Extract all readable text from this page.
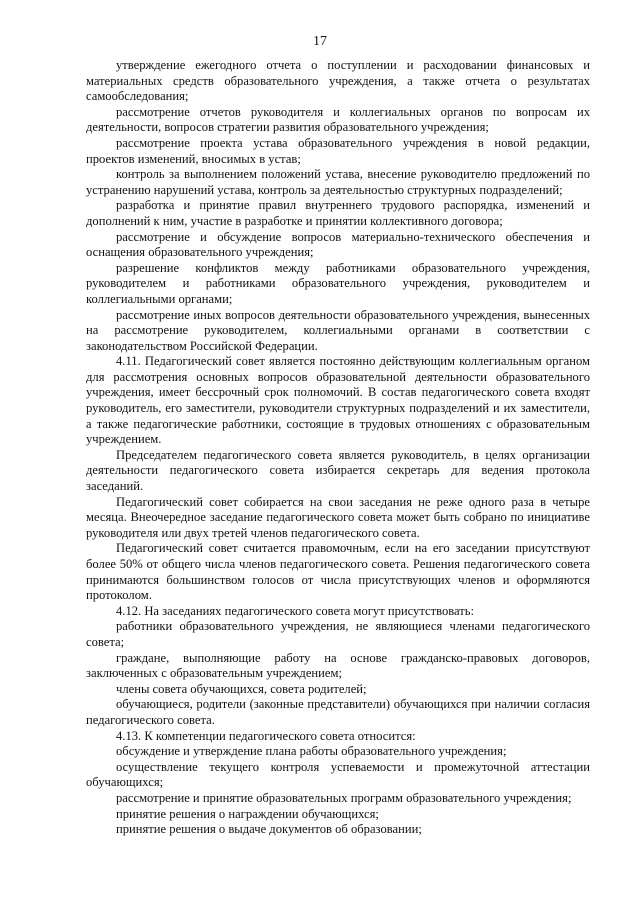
17

утверждение ежегодного отчета о поступлении и расходовании финансовых и материальных средств образовательного учреждения, а также отчета о результатах самообследования;

рассмотрение отчетов руководителя и коллегиальных органов по вопросам их деятельности, вопросов стратегии развития образовательного учреждения;

рассмотрение проекта устава образовательного учреждения в новой редакции, проектов изменений, вносимых в устав;

контроль за выполнением положений устава, внесение руководителю предложений по устранению нарушений устава, контроль за деятельностью структурных подразделений;

разработка и принятие правил внутреннего трудового распорядка, изменений и дополнений к ним, участие в разработке и принятии коллективного договора;

рассмотрение и обсуждение вопросов материально-технического обеспечения и оснащения образовательного учреждения;

разрешение конфликтов между работниками образовательного учреждения, руководителем и работниками образовательного учреждения, руководителем и коллегиальными органами;

рассмотрение иных вопросов деятельности образовательного учреждения, вынесенных на рассмотрение руководителем, коллегиальными органами в соответствии с законодательством Российской Федерации.

4.11. Педагогический совет является постоянно действующим коллегиальным органом для рассмотрения основных вопросов образовательной деятельности образовательного учреждения, имеет бессрочный срок полномочий. В состав педагогического совета входят руководитель, его заместители, руководители структурных подразделений и их заместители, а также педагогические работники, состоящие в трудовых отношениях с образовательным учреждением.

Председателем педагогического совета является руководитель, в целях организации деятельности педагогического совета избирается секретарь для ведения протокола заседаний.

Педагогический совет собирается на свои заседания не реже одного раза в четыре месяца. Внеочередное заседание педагогического совета может быть собрано по инициативе руководителя или двух третей членов педагогического совета.

Педагогический совет считается правомочным, если на его заседании присутствуют более 50% от общего числа членов педагогического совета. Решения педагогического совета принимаются большинством голосов от числа присутствующих членов и оформляются протоколом.

4.12. На заседаниях педагогического совета могут присутствовать:

работники образовательного учреждения, не являющиеся членами педагогического совета;

граждане, выполняющие работу на основе гражданско-правовых договоров, заключенных с образовательным учреждением;

члены совета обучающихся, совета родителей;

обучающиеся, родители (законные представители) обучающихся при наличии согласия педагогического совета.

4.13. К компетенции педагогического совета относится:

обсуждение и утверждение плана работы образовательного учреждения;

осуществление текущего контроля успеваемости и промежуточной аттестации обучающихся;

рассмотрение и принятие образовательных программ образовательного учреждения;

принятие решения о награждении обучающихся;

принятие решения о выдаче документов об образовании;
